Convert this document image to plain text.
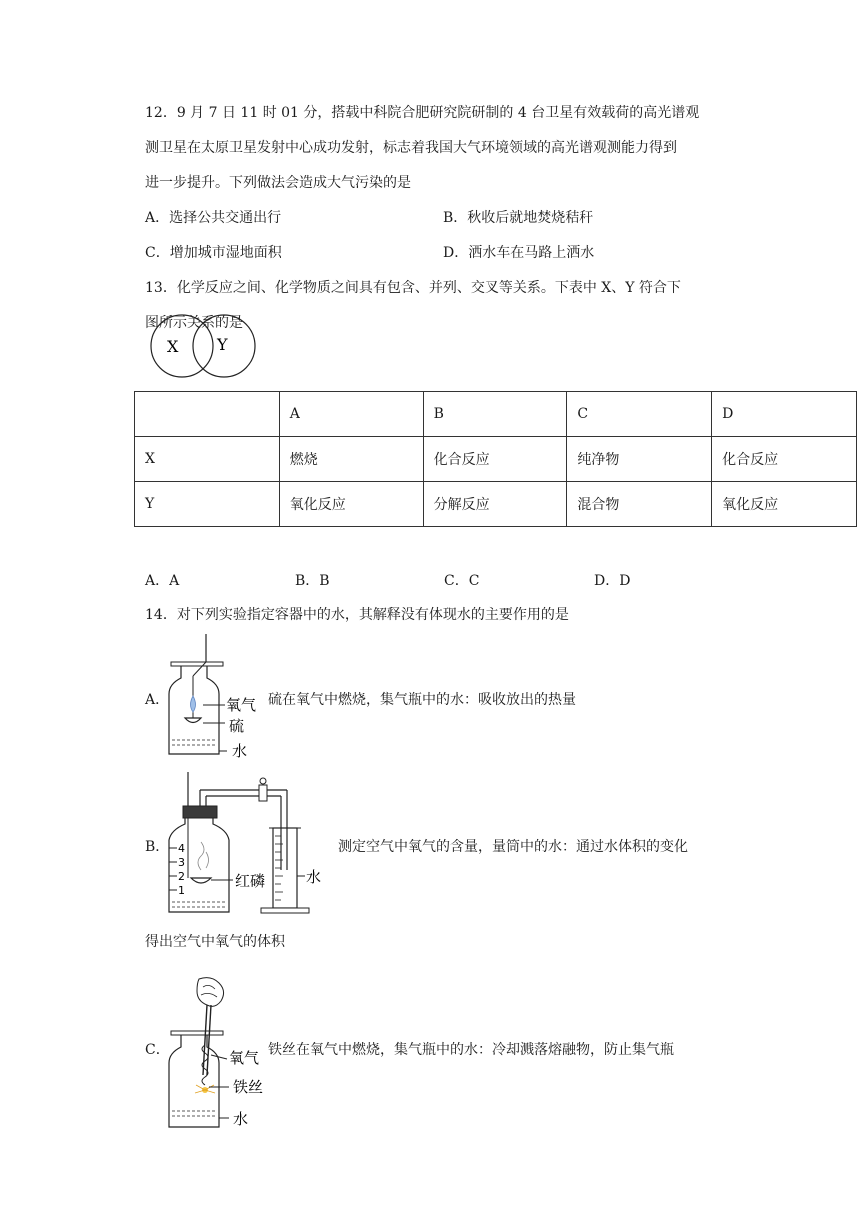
12．9 月 7 日 11 时 01 分，搭载中科院合肥研究院研制的 4 台卫星有效载荷的高光谱观
测卫星在太原卫星发射中心成功发射，标志着我国大气环境领域的高光谱观测能力得到
进一步提升。下列做法会造成大气污染的是
A．选择公共交通出行	B．秋收后就地焚烧秸秆
C．增加城市湿地面积	D．洒水车在马路上洒水
13．化学反应之间、化学物质之间具有包含、并列、交叉等关系。下表中 X、Y 符合下
图所示关系的是
X Y
	A	B	C	D
X	燃烧	化合反应	纯净物	化合反应
Y	氧化反应	分解反应	混合物	氧化反应
A．A	B．B	C．C	D．D
14．对下列实验指定容器中的水，其解释没有体现水的主要作用的是
A．	氧气
硫
水
硫在氧气中燃烧，集气瓶中的水：吸收放出的热量
B． 4
3
2
1
红磷	水
测定空气中氧气的含量，量筒中的水：通过水体积的变化
得出空气中氧气的体积
C．	氧气
铁丝
水
铁丝在氧气中燃烧，集气瓶中的水：冷却溅落熔融物，防止集气瓶
